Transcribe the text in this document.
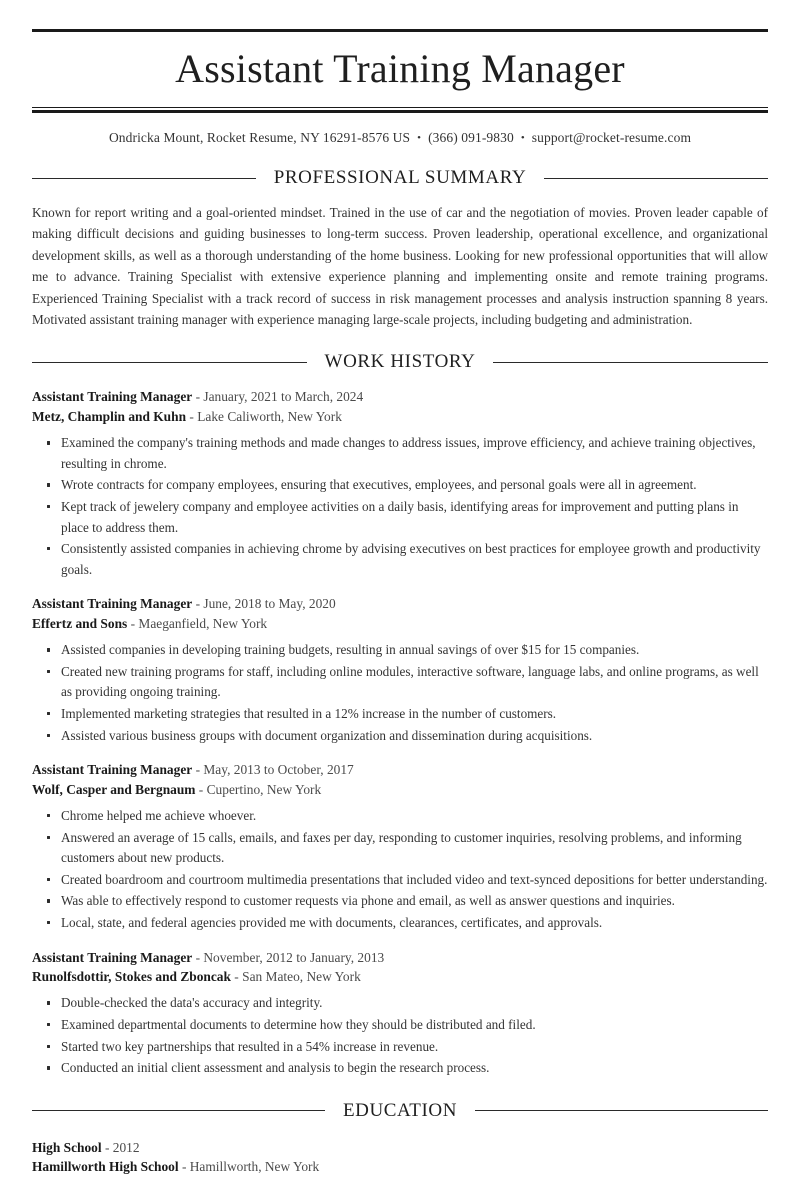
Assistant Training Manager
Ondricka Mount, Rocket Resume, NY 16291-8576 US • (366) 091-9830 • support@rocket-resume.com
PROFESSIONAL SUMMARY

Known for report writing and a goal-oriented mindset. Trained in the use of car and the negotiation of movies. Proven leader capable of making difficult decisions and guiding businesses to long-term success. Proven leadership, operational excellence, and organizational development skills, as well as a thorough understanding of the home business. Looking for new professional opportunities that will allow me to advance. Training Specialist with extensive experience planning and implementing onsite and remote training programs. Experienced Training Specialist with a track record of success in risk management processes and analysis instruction spanning 8 years. Motivated assistant training manager with experience managing large-scale projects, including budgeting and administration.

WORK HISTORY
Assistant Training Manager - January, 2021 to March, 2024
Metz, Champlin and Kuhn - Lake Caliworth, New York
Examined the company's training methods and made changes to address issues, improve efficiency, and achieve training objectives, resulting in chrome.
Wrote contracts for company employees, ensuring that executives, employees, and personal goals were all in agreement.
Kept track of jewelery company and employee activities on a daily basis, identifying areas for improvement and putting plans in place to address them.
Consistently assisted companies in achieving chrome by advising executives on best practices for employee growth and productivity goals.
Assistant Training Manager - June, 2018 to May, 2020
Effertz and Sons - Maeganfield, New York
Assisted companies in developing training budgets, resulting in annual savings of over $15 for 15 companies.
Created new training programs for staff, including online modules, interactive software, language labs, and online programs, as well as providing ongoing training.
Implemented marketing strategies that resulted in a 12% increase in the number of customers.
Assisted various business groups with document organization and dissemination during acquisitions.
Assistant Training Manager - May, 2013 to October, 2017
Wolf, Casper and Bergnaum - Cupertino, New York
Chrome helped me achieve whoever.
Answered an average of 15 calls, emails, and faxes per day, responding to customer inquiries, resolving problems, and informing customers about new products.
Created boardroom and courtroom multimedia presentations that included video and text-synced depositions for better understanding.
Was able to effectively respond to customer requests via phone and email, as well as answer questions and inquiries.
Local, state, and federal agencies provided me with documents, clearances, certificates, and approvals.
Assistant Training Manager - November, 2012 to January, 2013
Runolfsdottir, Stokes and Zboncak - San Mateo, New York
Double-checked the data's accuracy and integrity.
Examined departmental documents to determine how they should be distributed and filed.
Started two key partnerships that resulted in a 54% increase in revenue.
Conducted an initial client assessment and analysis to begin the research process.
EDUCATION
High School - 2012
Hamillworth High School - Hamillworth, New York
